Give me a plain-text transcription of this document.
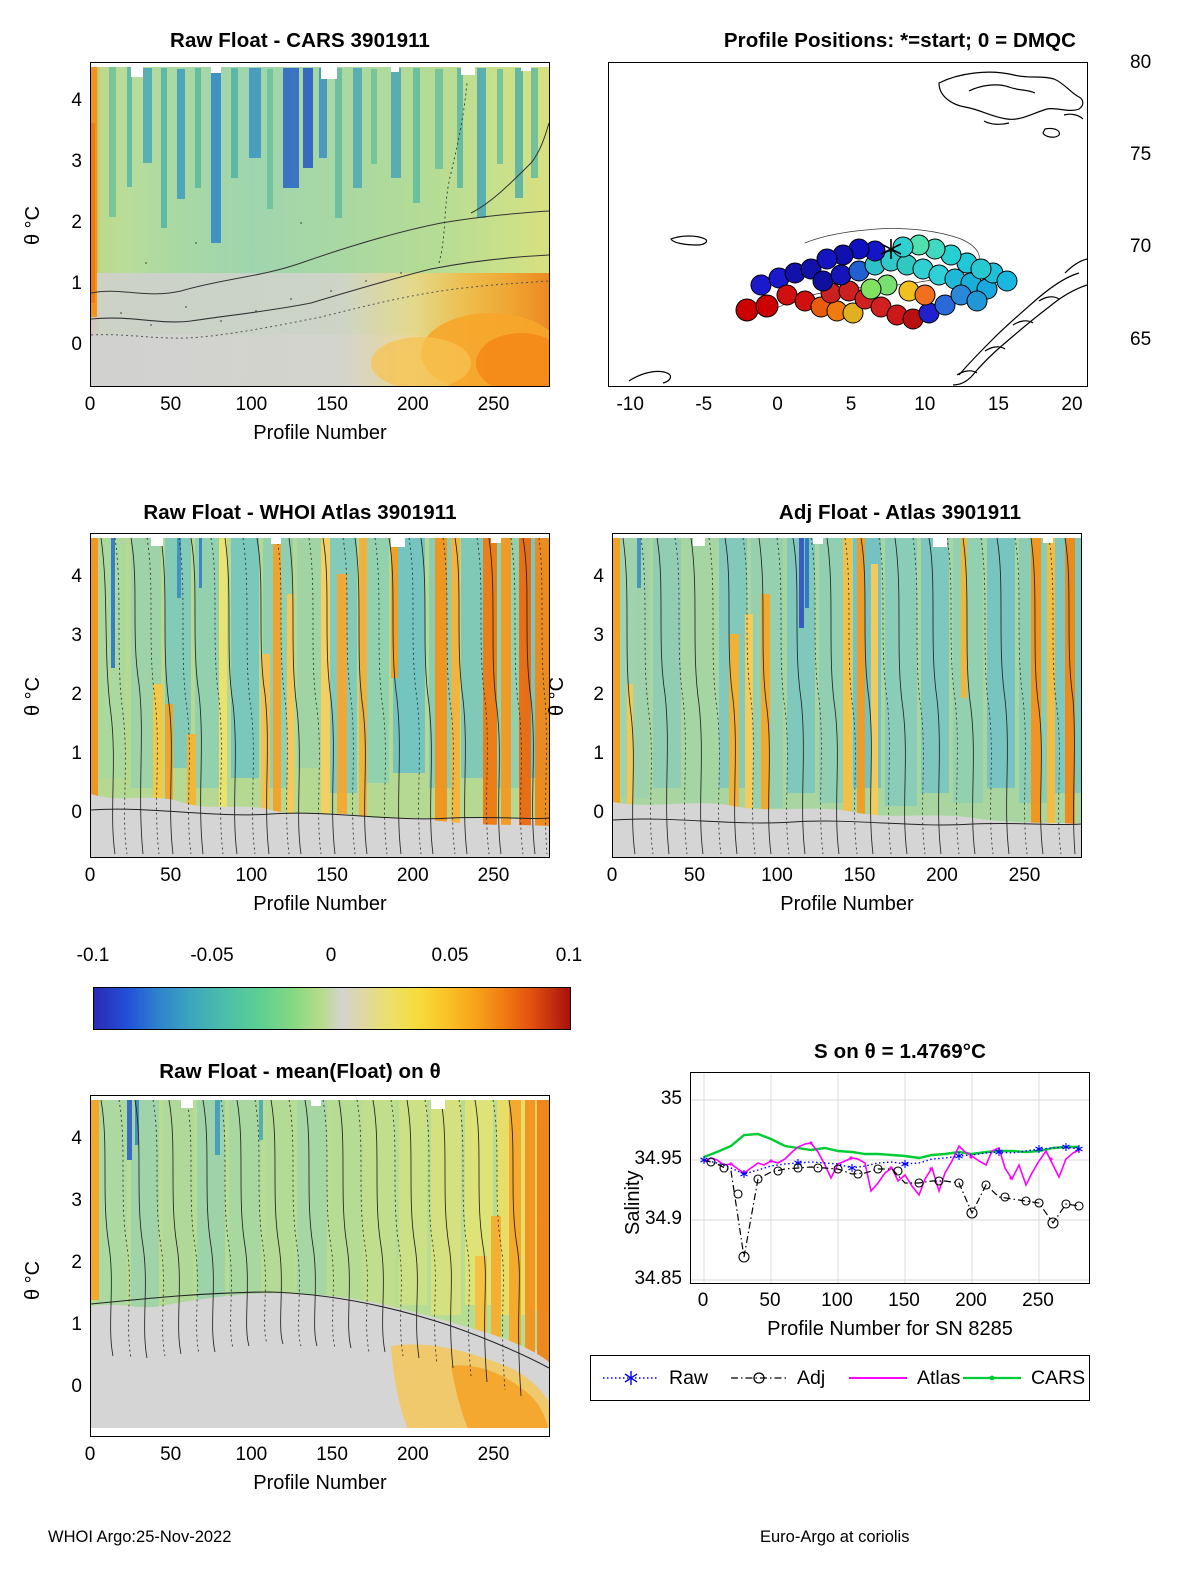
Raw Float - CARS 3901911
0	50	100	150	200	250
0
1
2
3
4
Profile Number
θ °C
Profile Positions: *=start; 0 = DMQC
-10	-5	0	5	10	15	20
65
70
75
80
Raw Float - WHOI Atlas 3901911
0	50	100	150	200	250
0
1
2
3
4
Profile Number
θ °C
Adj Float - Atlas 3901911
0	50	100	150	200	250
0
1
2
3
4
Profile Number
θ °C
-0.1	-0.05	0	0.05	0.1
Raw Float - mean(Float) on θ
0	50	100	150	200	250
0
1
2
3
4
Profile Number
θ °C
S on θ = 1.4769°C
0	50 100 150 200 250
34.85
34.9
34.95
35
Profile Number for SN 8285
Salinity
Raw	Adj	Atlas	CARS
WHOI Argo:25-Nov-2022	Euro-Argo at coriolis
